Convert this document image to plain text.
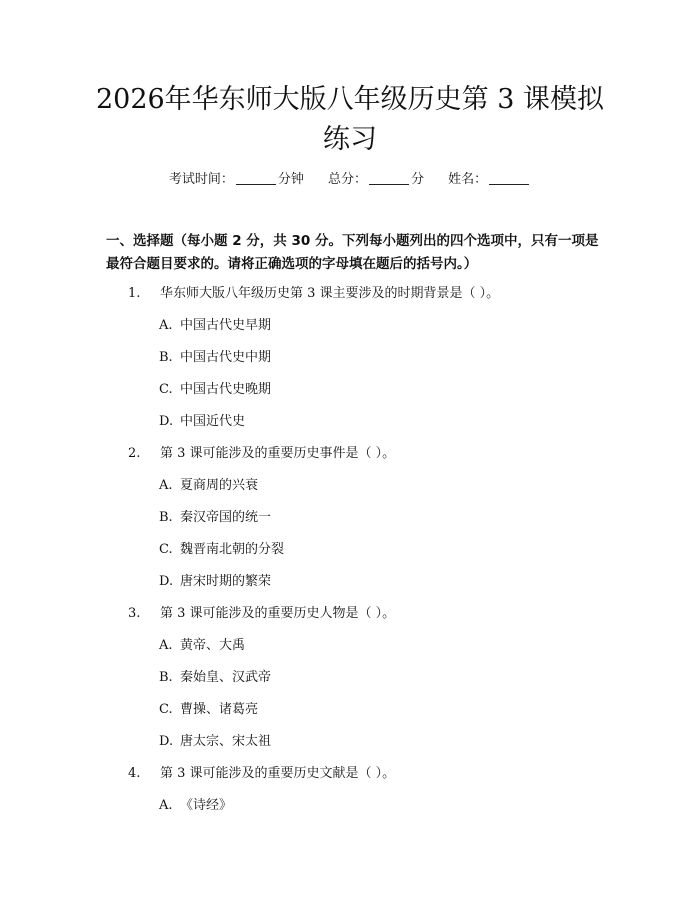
2026年华东师大版八年级历史第 3 课模拟练习
考试时间：	分钟 总分：	分 姓名：
一、选择题（每小题 2 分，共 30 分。下列每小题列出的四个选项中，只有一项是最符合题目要求的。请将正确选项的字母填在题后的括号内。）
1. 华东师大版八年级历史第 3 课主要涉及的时期背景是（ ）。
A. 中国古代史早期
B. 中国古代史中期
C. 中国古代史晚期
D. 中国近代史
2. 第 3 课可能涉及的重要历史事件是（ ）。
A. 夏商周的兴衰
B. 秦汉帝国的统一
C. 魏晋南北朝的分裂
D. 唐宋时期的繁荣
3. 第 3 课可能涉及的重要历史人物是（ ）。
A. 黄帝、大禹
B. 秦始皇、汉武帝
C. 曹操、诸葛亮
D. 唐太宗、宋太祖
4. 第 3 课可能涉及的重要历史文献是（ ）。
A. 《诗经》
